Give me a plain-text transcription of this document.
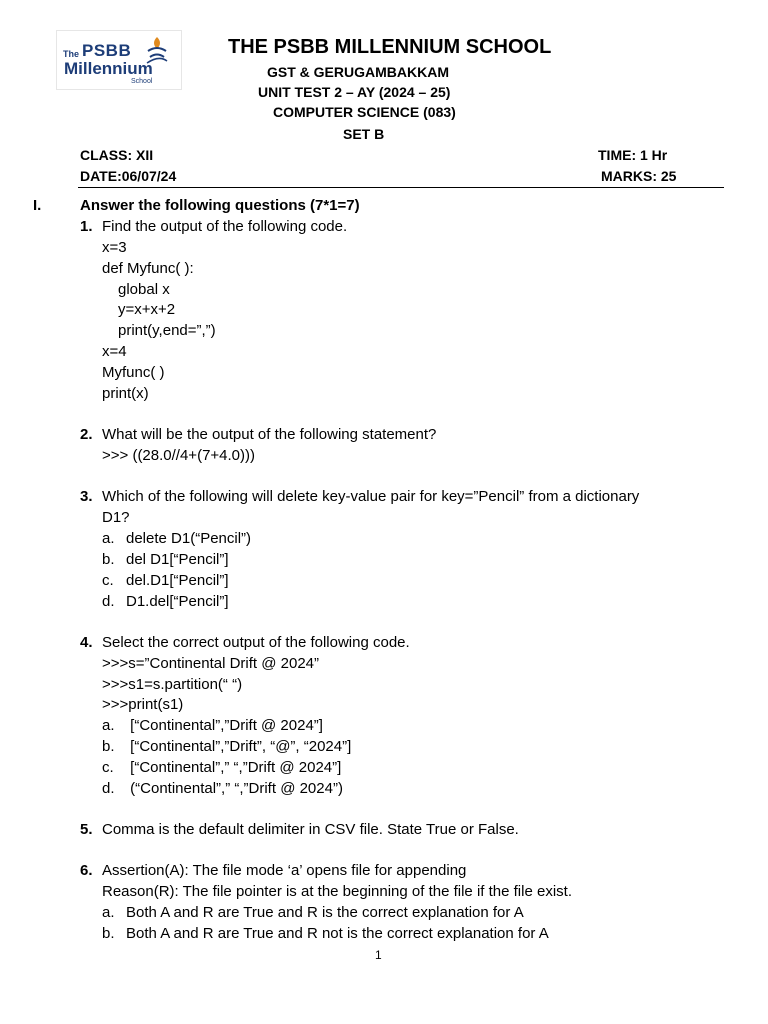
The PSBB
Millennium
School
THE PSBB MILLENNIUM SCHOOL
GST & GERUGAMBAKKAM
UNIT TEST 2 – AY (2024 – 25)
COMPUTER SCIENCE (083)
SET B
CLASS: XII	TIME: 1 Hr
DATE:06/07/24	MARKS: 25
I.	Answer the following questions (7*1=7)
1. Find the output of the following code.
x=3
def Myfunc( ):
global x
y=x+x+2
print(y,end=”,”)
x=4
Myfunc( )
print(x)
2. What will be the output of the following statement?
>>> ((28.0//4+(7+4.0)))
3. Which of the following will delete key-value pair for key=”Pencil” from a dictionary
D1?
a. delete D1(“Pencil”)
b. del D1[“Pencil”]
c. del.D1[“Pencil”]
d. D1.del[“Pencil”]
4. Select the correct output of the following code.
>>>s=”Continental Drift @ 2024”
>>>s1=s.partition(“ “)
>>>print(s1)
a. [“Continental”,”Drift @ 2024”]
b. [“Continental”,”Drift”, “@”, “2024”]
c. [“Continental”,” “,”Drift @ 2024”]
d. (“Continental”,” “,”Drift @ 2024”)
5. Comma is the default delimiter in CSV file. State True or False.
6. Assertion(A): The file mode ‘a’ opens file for appending
Reason(R): The file pointer is at the beginning of the file if the file exist.
a. Both A and R are True and R is the correct explanation for A
b. Both A and R are True and R not is the correct explanation for A
1
